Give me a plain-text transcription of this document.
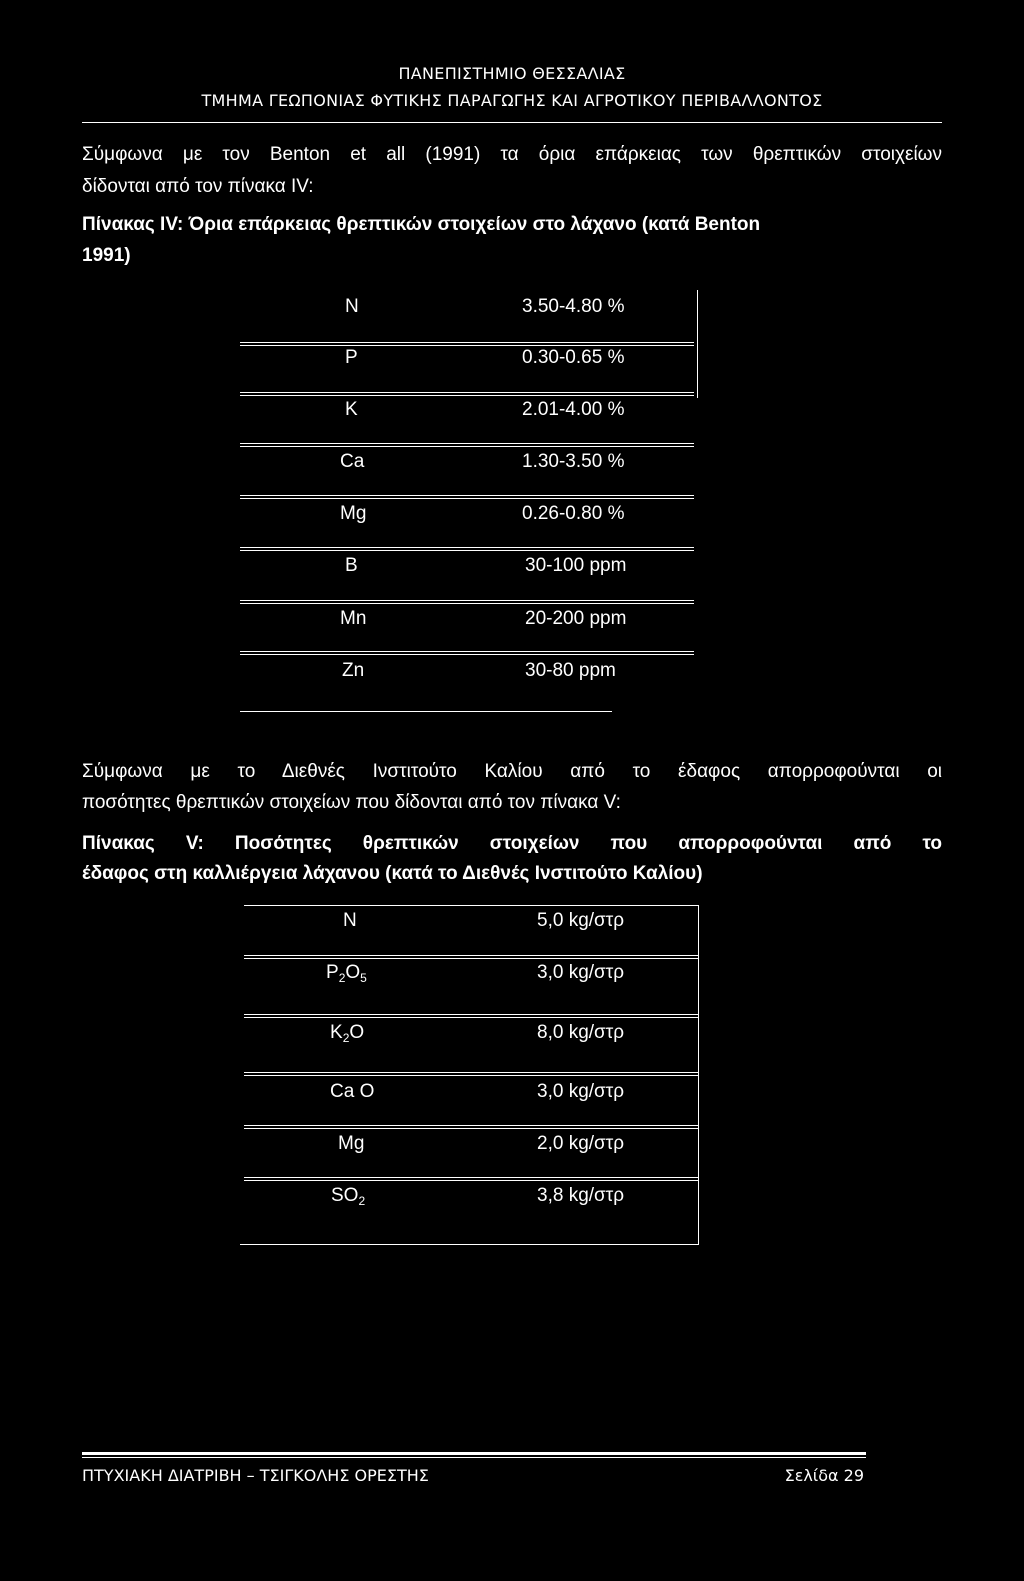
ΠΑΝΕΠΙΣΤΗΜΙΟ ΘΕΣΣΑΛΙΑΣ
ΤΜΗΜΑ ΓΕΩΠΟΝΙΑΣ ΦΥΤΙΚΗΣ ΠΑΡΑΓΩΓΗΣ ΚΑΙ ΑΓΡΟΤΙΚΟΥ ΠΕΡΙΒΑΛΛΟΝΤΟΣ
Σύμφωνα με τον Benton et all (1991) τα όρια επάρκειας των θρεπτικών στοιχείων
δίδονται από τον πίνακα IV:
Πίνακας IV: Όρια επάρκειας θρεπτικών στοιχείων στο λάχανο (κατά Benton
1991)
N	3.50-4.80 %
P	0.30-0.65 %
K	2.01-4.00 %
Ca	1.30-3.50 %
Mg	0.26-0.80 %
B	30-100 ppm
Mn	20-200 ppm
Zn	30-80 ppm
Σύμφωνα με το Διεθνές Ινστιτούτο Καλίου από το έδαφος απορροφούνται οι
ποσότητες θρεπτικών στοιχείων που δίδονται από τον πίνακα V:
Πίνακας V: Ποσότητες θρεπτικών στοιχείων που απορροφούνται από το
έδαφος στη καλλιέργεια λάχανου (κατά το Διεθνές Ινστιτούτο Καλίου)
N	5,0 kg/στρ
$P_2O_5$	3,0 kg/στρ
$K_2O$	8,0 kg/στρ
Ca O	3,0 kg/στρ
Mg	2,0 kg/στρ
$SO_2$	3,8 kg/στρ
ΠΤΥΧΙΑΚΗ ΔΙΑΤΡΙΒΗ – ΤΣΙΓΚΟΛΗΣ ΟΡΕΣΤΗΣ	Σελίδα 29
